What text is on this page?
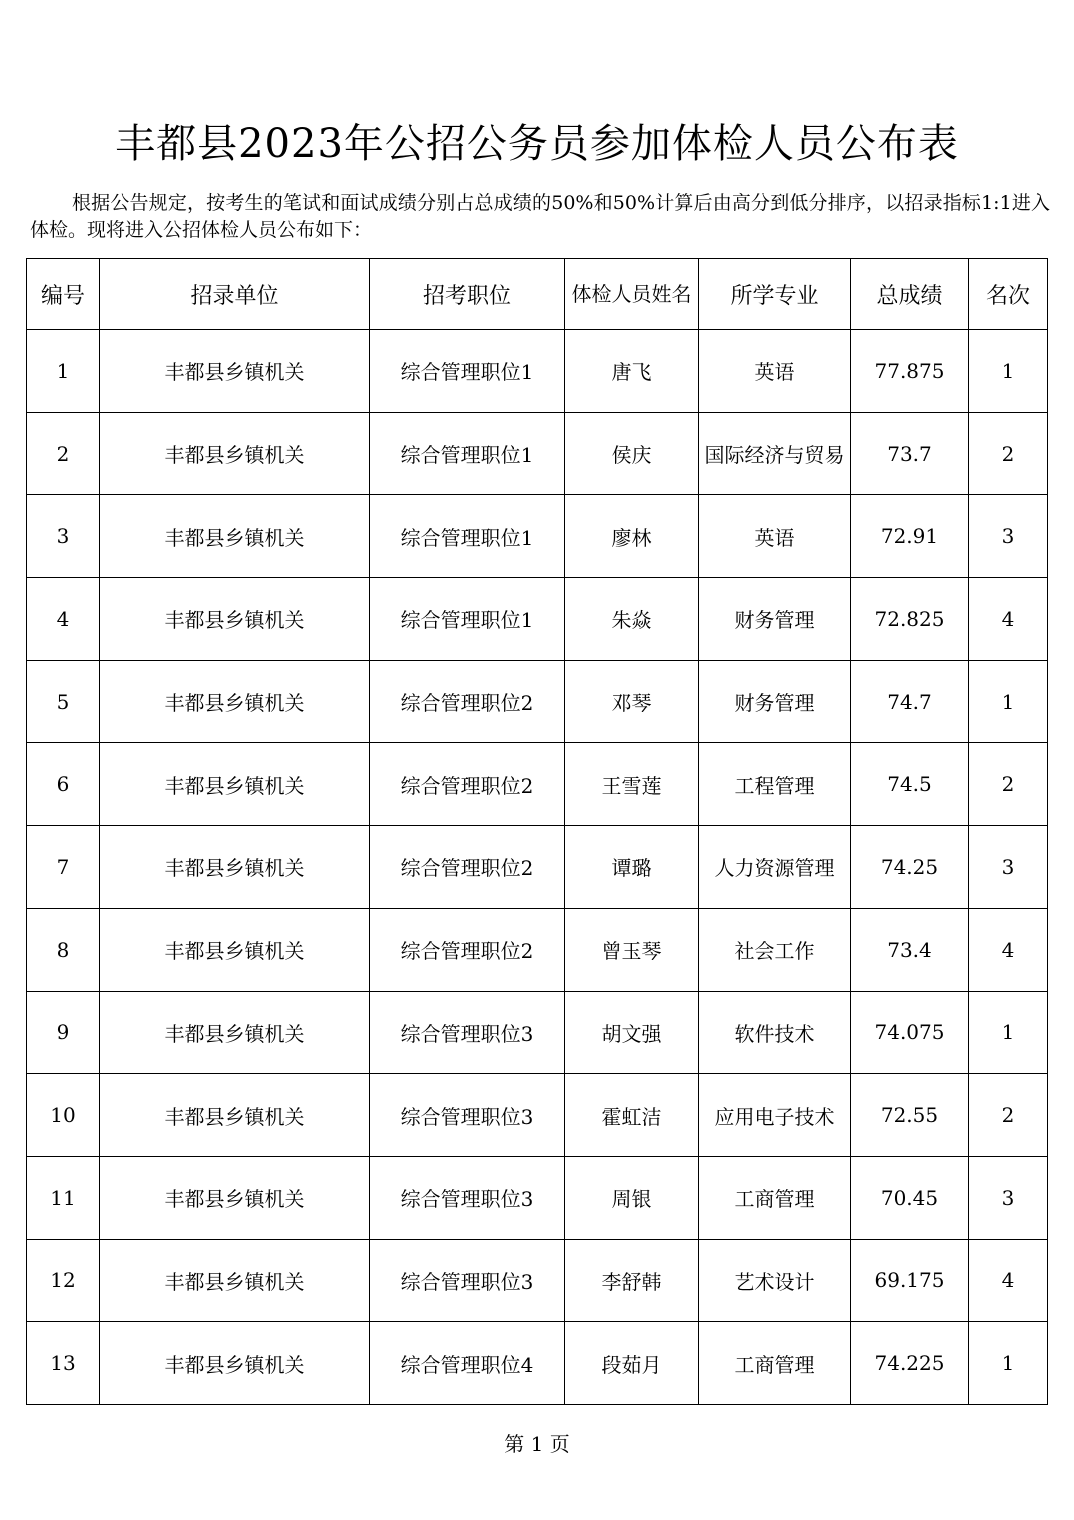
丰都县2023年公招公务员参加体检人员公布表
根据公告规定，按考生的笔试和面试成绩分别占总成绩的50%和50%计算后由高分到低分排序，以招录指标1:1进入体检。现将进入公招体检人员公布如下：
编号	招录单位	招考职位	体检人员姓名	所学专业	总成绩	名次
1	丰都县乡镇机关	综合管理职位1	唐飞	英语	77.875	1
2	丰都县乡镇机关	综合管理职位1	侯庆	国际经济与贸易	73.7	2
3	丰都县乡镇机关	综合管理职位1	廖林	英语	72.91	3
4	丰都县乡镇机关	综合管理职位1	朱焱	财务管理	72.825	4
5	丰都县乡镇机关	综合管理职位2	邓琴	财务管理	74.7	1
6	丰都县乡镇机关	综合管理职位2	王雪莲	工程管理	74.5	2
7	丰都县乡镇机关	综合管理职位2	谭璐	人力资源管理	74.25	3
8	丰都县乡镇机关	综合管理职位2	曾玉琴	社会工作	73.4	4
9	丰都县乡镇机关	综合管理职位3	胡文强	软件技术	74.075	1
10	丰都县乡镇机关	综合管理职位3	霍虹洁	应用电子技术	72.55	2
11	丰都县乡镇机关	综合管理职位3	周银	工商管理	70.45	3
12	丰都县乡镇机关	综合管理职位3	李舒韩	艺术设计	69.175	4
13	丰都县乡镇机关	综合管理职位4	段茹月	工商管理	74.225	1
第 1 页
